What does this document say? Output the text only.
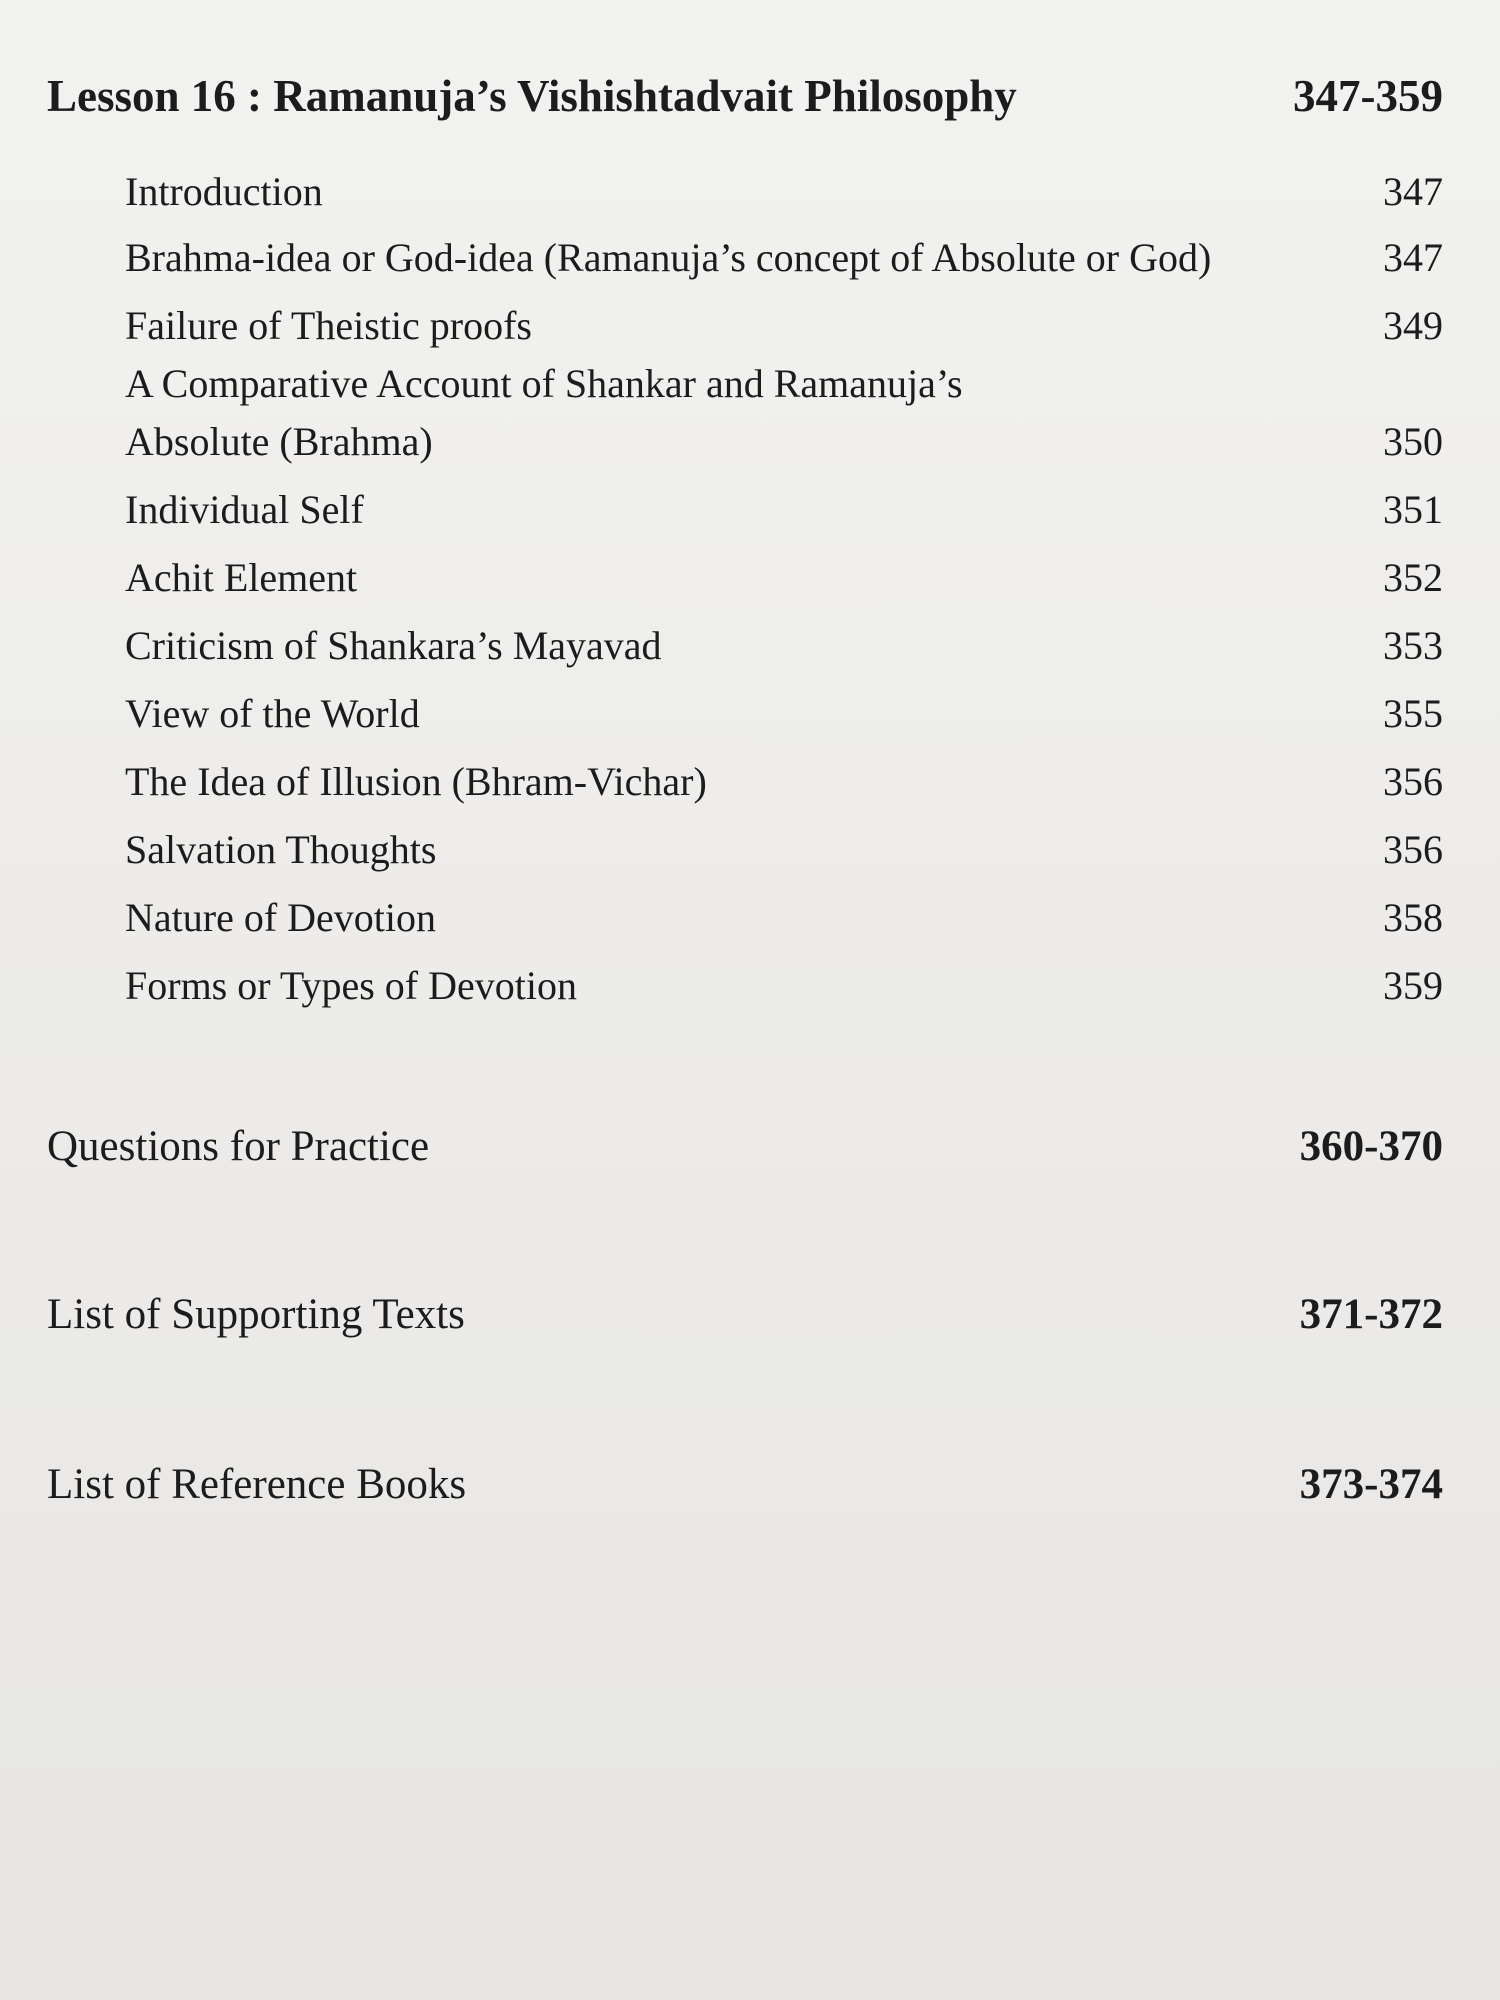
Lesson 16 : Ramanuja’s Vishishtadvait Philosophy	347-359
Introduction	347
Brahma-idea or God-idea (Ramanuja’s concept of Absolute or God)	347
Failure of Theistic proofs	349
A Comparative Account of Shankar and Ramanuja’s
Absolute (Brahma)	350
Individual Self	351
Achit Element	352
Criticism of Shankara’s Mayavad	353
View of the World	355
The Idea of Illusion (Bhram-Vichar)	356
Salvation Thoughts	356
Nature of Devotion	358
Forms or Types of Devotion	359
Questions for Practice	360-370
List of Supporting Texts	371-372
List of Reference Books	373-374
